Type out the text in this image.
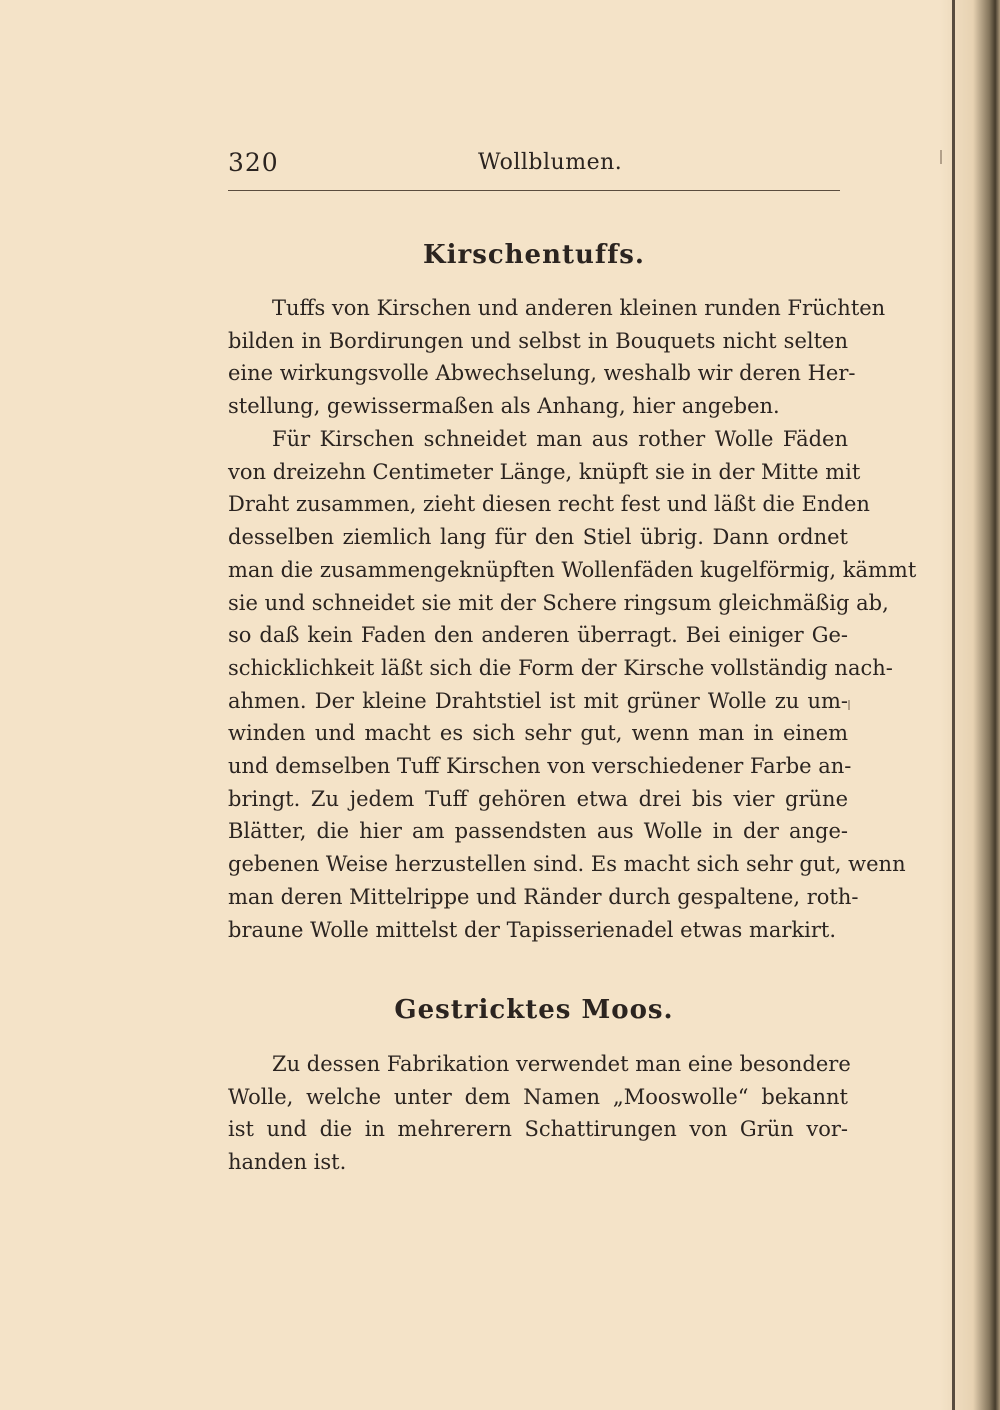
320	Wollblumen.
Kirschentuffs.

Tuffs von Kirschen und anderen kleinen runden Früchten
bilden in Bordirungen und selbst in Bouquets nicht selten
eine wirkungsvolle Abwechselung, weshalb wir deren Her-
stellung, gewissermaßen als Anhang, hier angeben.

Für Kirschen schneidet man aus rother Wolle Fäden
von dreizehn Centimeter Länge, knüpft sie in der Mitte mit
Draht zusammen, zieht diesen recht fest und läßt die Enden
desselben ziemlich lang für den Stiel übrig. Dann ordnet
man die zusammengeknüpften Wollenfäden kugelförmig, kämmt
sie und schneidet sie mit der Schere ringsum gleichmäßig ab,
so daß kein Faden den anderen überragt. Bei einiger Ge-
schicklichkeit läßt sich die Form der Kirsche vollständig nach-
ahmen. Der kleine Drahtstiel ist mit grüner Wolle zu um-
winden und macht es sich sehr gut, wenn man in einem
und demselben Tuff Kirschen von verschiedener Farbe an-
bringt. Zu jedem Tuff gehören etwa drei bis vier grüne
Blätter, die hier am passendsten aus Wolle in der ange-
gebenen Weise herzustellen sind. Es macht sich sehr gut, wenn
man deren Mittelrippe und Ränder durch gespaltene, roth-
braune Wolle mittelst der Tapisserienadel etwas markirt.

Gestricktes Moos.

Zu dessen Fabrikation verwendet man eine besondere
Wolle, welche unter dem Namen „Mooswolle“ bekannt
ist und die in mehrerern Schattirungen von Grün vor-
handen ist.
